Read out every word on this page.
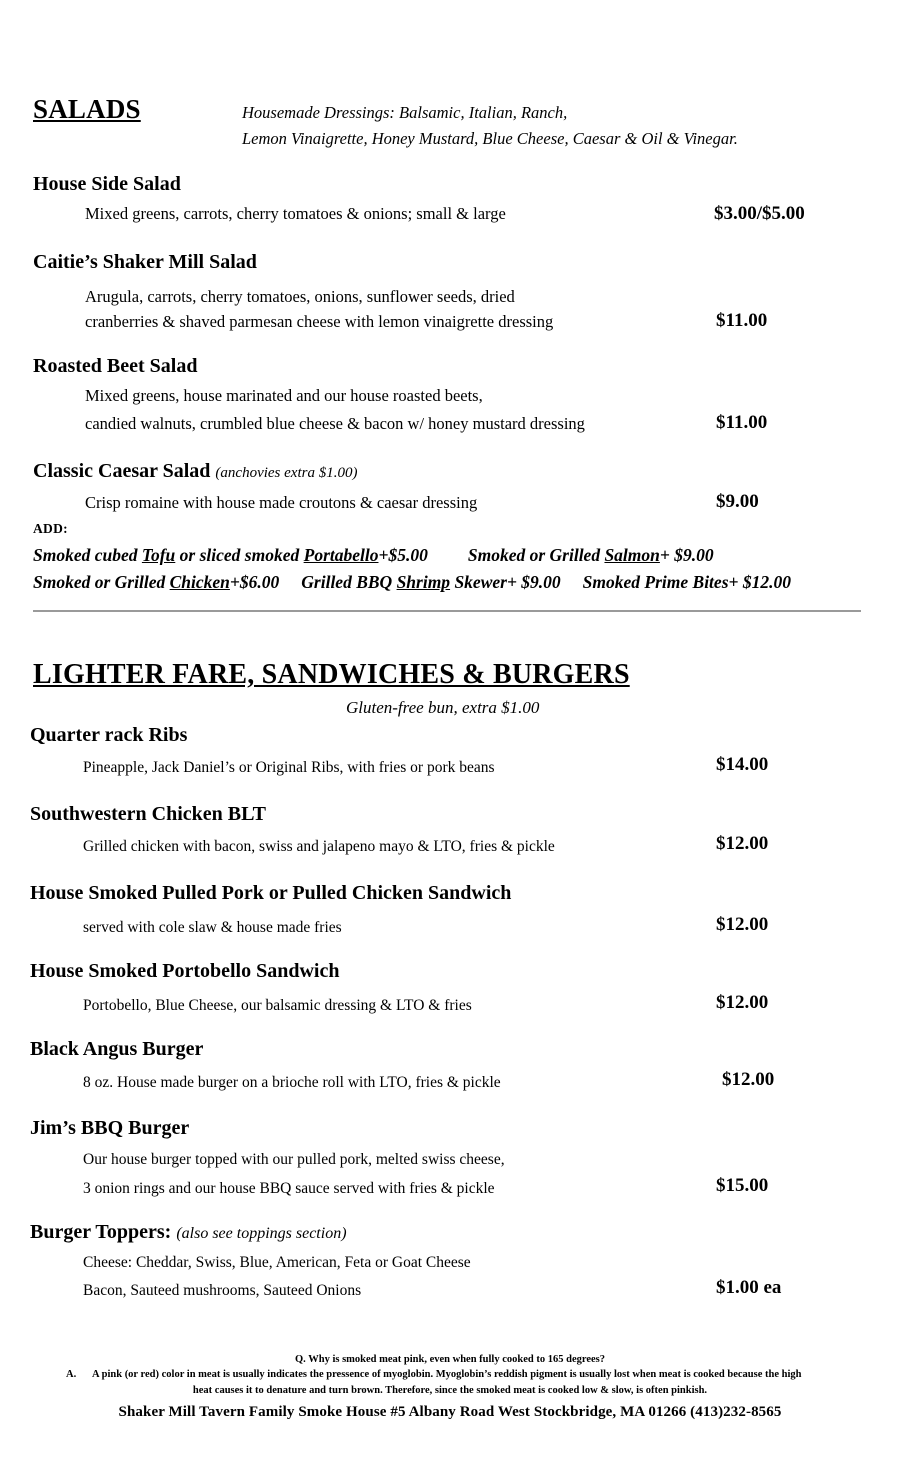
SALADS	Housemade Dressings: Balsamic, Italian, Ranch,
Lemon Vinaigrette, Honey Mustard, Blue Cheese, Caesar & Oil & Vinegar.
House Side Salad
Mixed greens, carrots, cherry tomatoes & onions; small & large	$3.00/$5.00
Caitie’s Shaker Mill Salad
Arugula, carrots, cherry tomatoes, onions, sunflower seeds, dried
cranberries & shaved parmesan cheese with lemon vinaigrette dressing	$11.00
Roasted Beet Salad
Mixed greens, house marinated and our house roasted beets,
candied walnuts, crumbled blue cheese & bacon w/ honey mustard dressing	$11.00
Classic Caesar Salad (anchovies extra $1.00)
Crisp romaine with house made croutons & caesar dressing	$9.00
ADD:
Smoked cubed Tofu or sliced smoked Portabello+$5.00 Smoked or Grilled Salmon+ $9.00
Smoked or Grilled Chicken+$6.00 Grilled BBQ Shrimp Skewer+ $9.00 Smoked Prime Bites+ $12.00
LIGHTER FARE, SANDWICHES & BURGERS
Gluten-free bun, extra $1.00
Quarter rack Ribs
Pineapple, Jack Daniel’s or Original Ribs, with fries or pork beans	$14.00
Southwestern Chicken BLT
Grilled chicken with bacon, swiss and jalapeno mayo & LTO, fries & pickle	$12.00
House Smoked Pulled Pork or Pulled Chicken Sandwich
served with cole slaw & house made fries	$12.00
House Smoked Portobello Sandwich
Portobello, Blue Cheese, our balsamic dressing & LTO & fries	$12.00
Black Angus Burger
8 oz. House made burger on a brioche roll with LTO, fries & pickle	$12.00
Jim’s BBQ Burger
Our house burger topped with our pulled pork, melted swiss cheese,
3 onion rings and our house BBQ sauce served with fries & pickle	$15.00
Burger Toppers: (also see toppings section)
Cheese: Cheddar, Swiss, Blue, American, Feta or Goat Cheese
Bacon, Sauteed mushrooms, Sauteed Onions	$1.00 ea
Q. Why is smoked meat pink, even when fully cooked to 165 degrees?
A. A pink (or red) color in meat is usually indicates the pressence of myoglobin. Myoglobin’s reddish pigment is usually lost when meat is cooked because the high
heat causes it to denature and turn brown. Therefore, since the smoked meat is cooked low & slow, is often pinkish.
Shaker Mill Tavern Family Smoke House #5 Albany Road West Stockbridge, MA 01266 (413)232-8565
